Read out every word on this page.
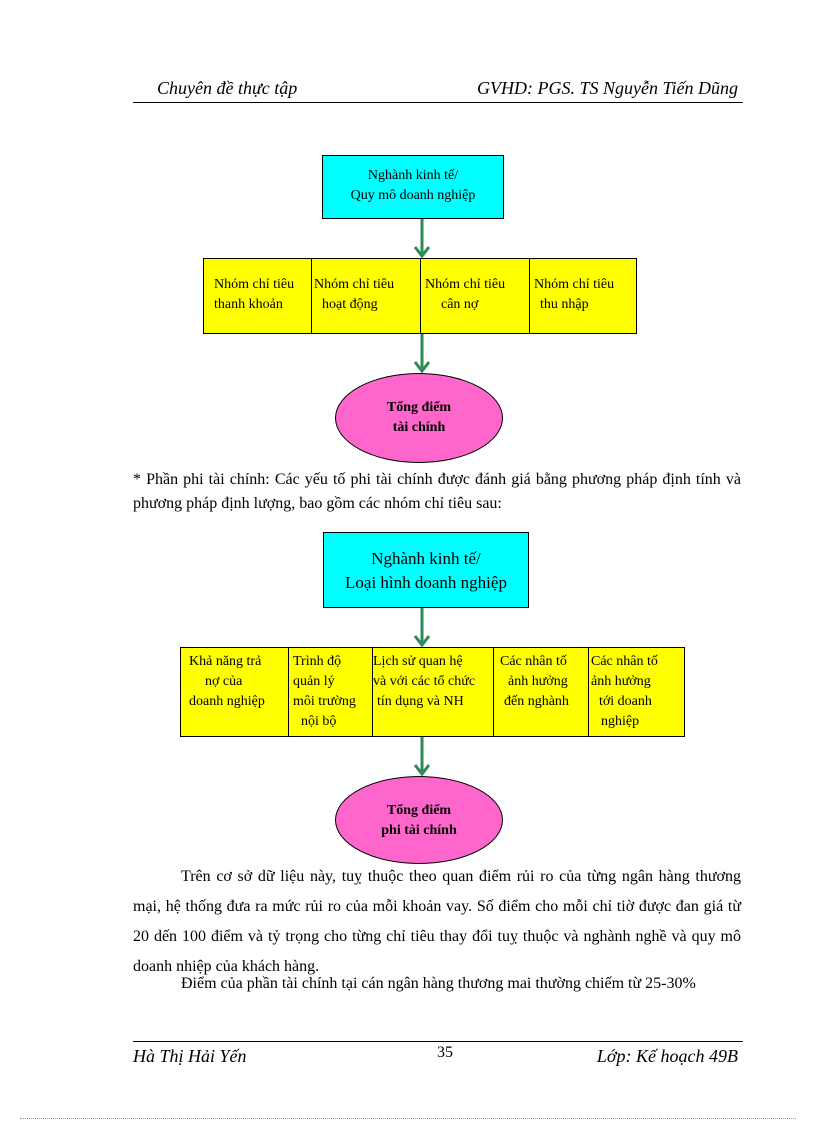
Chuyên đề thực tập	GVHD: PGS. TS Nguyễn Tiến Dũng
Nghành kinh tế/
Quy mô doanh nghiệp
Nhóm chỉ tiêu
thanh khoản
Nhóm chỉ tiêu
hoạt động
Nhóm chỉ tiêu
cân nợ
Nhóm chỉ tiêu
thu nhập
Tổng điểm
tài chính
* Phần phi tài chính: Các yếu tố phi tài chính được đánh giá bằng phương pháp định tính và phương pháp định lượng, bao gồm các nhóm chỉ tiêu sau:
Nghành kinh tế/
Loại hình doanh nghiệp
Khả năng trả
nợ của
doanh nghiệp
Trình độ
quản lý
môi trường
nội bộ
Lịch sử quan hệ
và với các tổ chức
tín dụng và NH
Các nhân tố
ảnh hưởng
đến nghành
Các nhân tố
ảnh hưởng
tới doanh
nghiệp
Tổng điểm
phi tài chính
Trên cơ sở dữ liệu này, tuỵ thuộc theo quan điểm rủi ro của từng ngân hàng thương mại, hệ thống đưa ra mức rủi ro của mỗi khoản vay. Số điểm cho mỗi chỉ tiờ được đan giá từ 20 dến 100 điểm và tỷ trọng cho từng chỉ tiêu thay đổi tuỵ thuộc và nghành nghề và quy mô doanh nhiệp của khách hàng.
Điểm của phần tài chính tại cán ngân hàng thương mai thường chiếm từ 25-30%
Hà Thị Hải Yến	35	Lớp: Kế hoạch 49B
